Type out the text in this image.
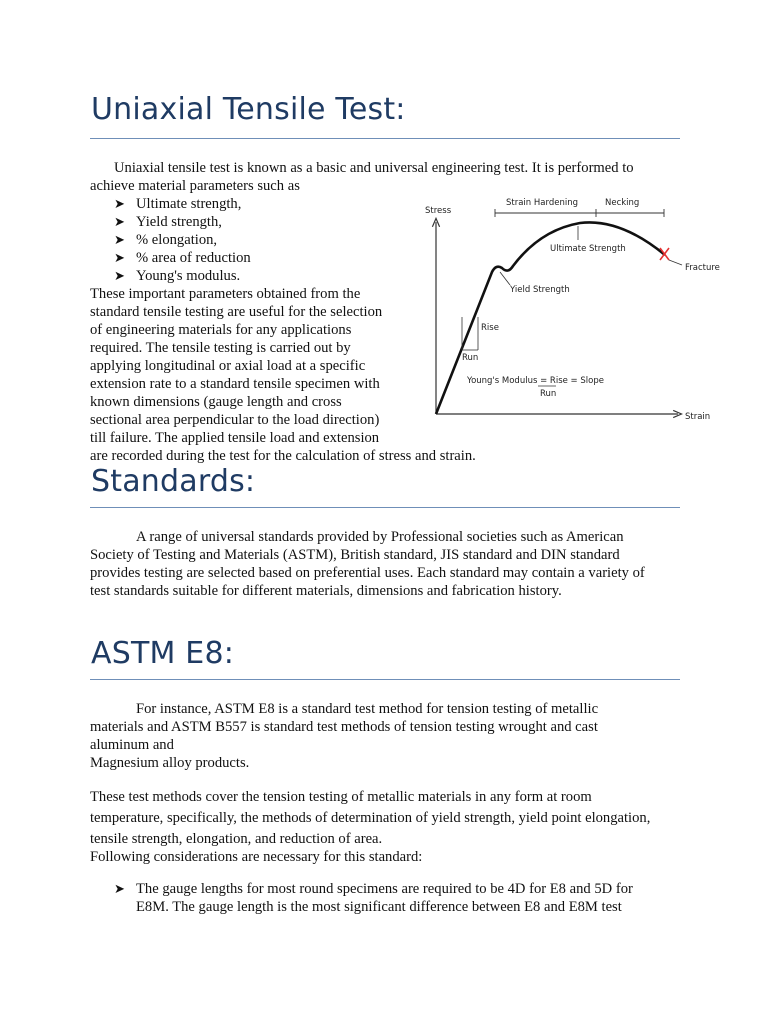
Uniaxial Tensile Test:
Uniaxial tensile test is known as a basic and universal engineering test. It is performed to
achieve material parameters such as
➤ Ultimate strength,
➤ Yield strength,
➤ % elongation,
➤ % area of reduction
➤ Young's modulus.

These important parameters obtained from the

standard tensile testing are useful for the selection

of engineering materials for any applications

required. The tensile testing is carried out by

applying longitudinal or axial load at a specific

extension rate to a standard tensile specimen with

known dimensions (gauge length and cross

sectional area perpendicular to the load direction)

till failure. The applied tensile load and extension

are recorded during the test for the calculation of stress and strain.

Stress
Strain
Fracture
Strain Hardening	Necking
Ultimate Strength
Yield Strength
Rise
Run
Young's Modulus = Rise = Slope
Run
Standards:

A range of universal standards provided by Professional societies such as American

Society of Testing and Materials (ASTM), British standard, JIS standard and DIN standard

provides testing are selected based on preferential uses. Each standard may contain a variety of

test standards suitable for different materials, dimensions and fabrication history.

ASTM E8:

For instance, ASTM E8 is a standard test method for tension testing of metallic

materials and ASTM B557 is standard test methods of tension testing wrought and cast

aluminum and

Magnesium alloy products.

These test methods cover the tension testing of metallic materials in any form at room

temperature, specifically, the methods of determination of yield strength, yield point elongation,

tensile strength, elongation, and reduction of area.

Following considerations are necessary for this standard:

➤ The gauge lengths for most round specimens are required to be 4D for E8 and 5D for

E8M. The gauge length is the most significant difference between E8 and E8M test
